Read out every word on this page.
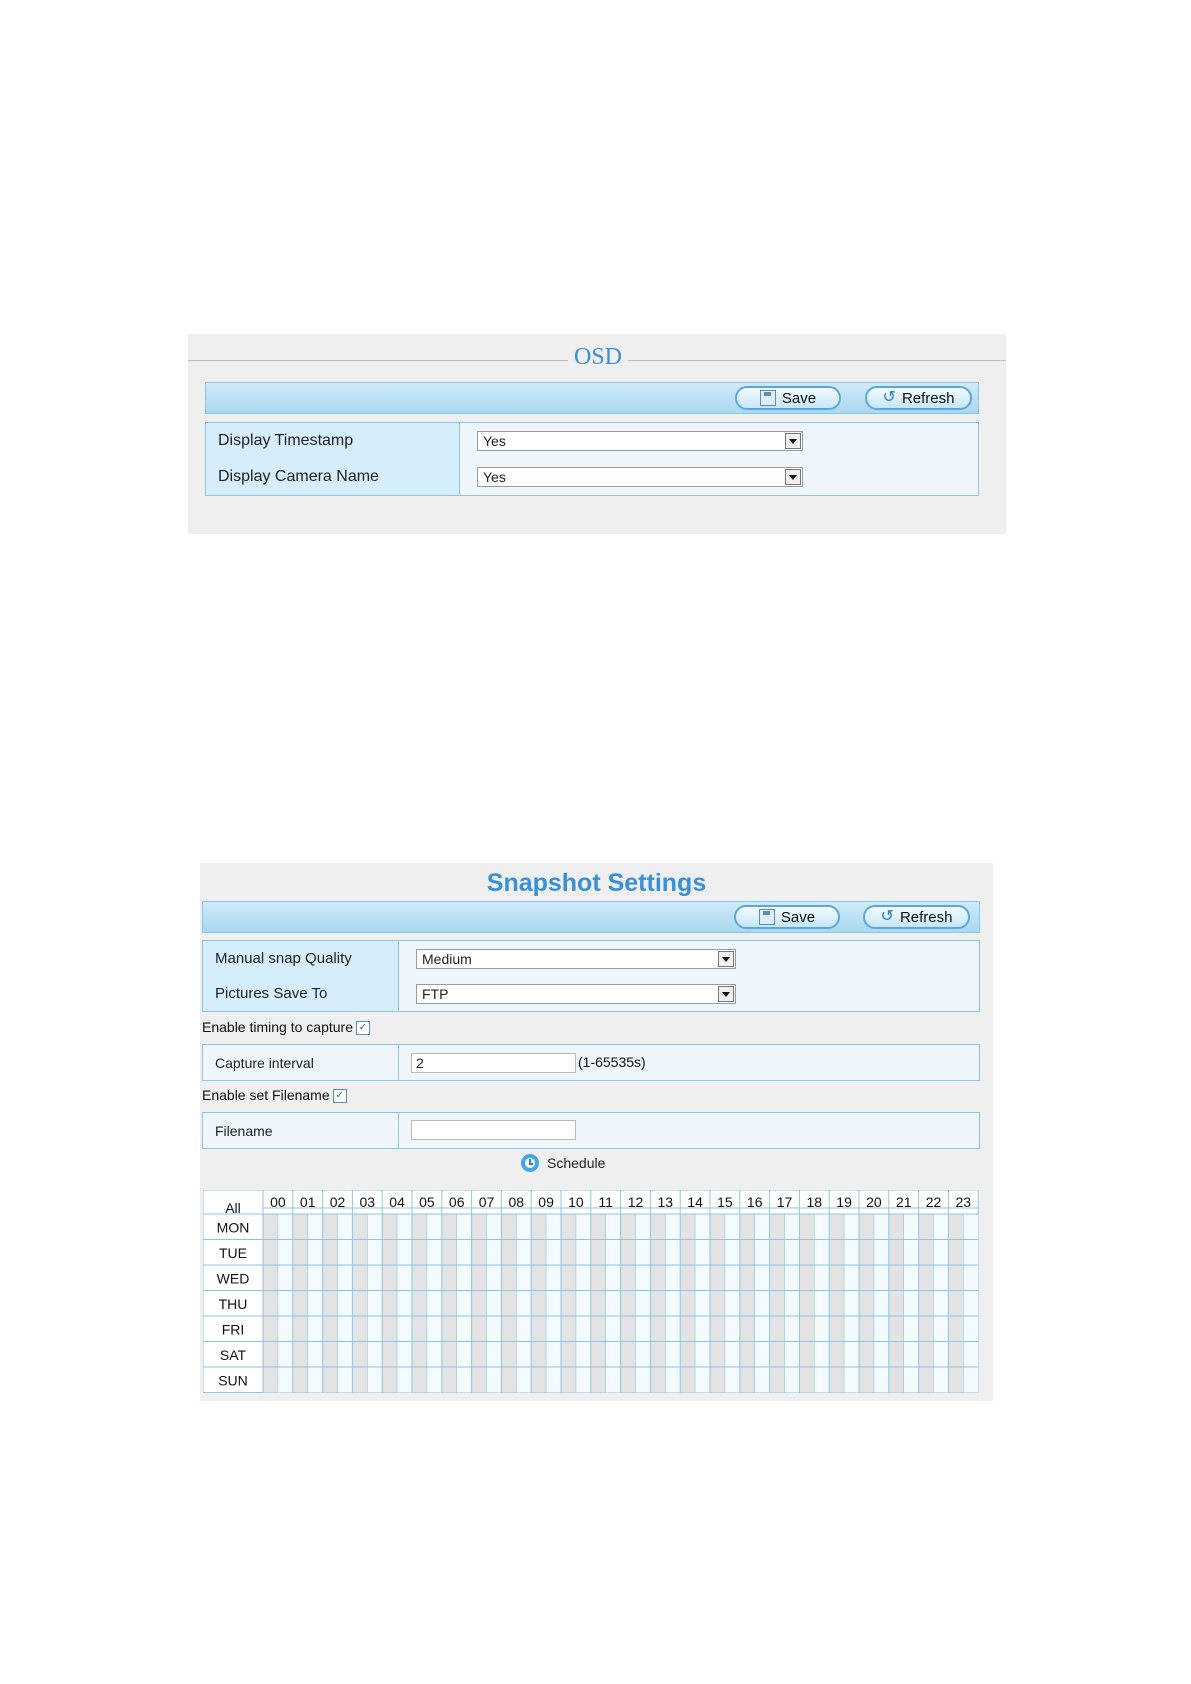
OSD
Save	↺ Refresh
Display Timestamp	Yes
Display Camera Name	Yes
Snapshot Settings
Save	↺ Refresh
Manual snap Quality	Medium
Pictures Save To	FTP
Enable timing to capture ✓
Capture interval	2	(1-65535s)
Enable set Filename ✓
Filename
Schedule
00 01 02 03 04 05 06 07 08 09 10 11 12 13 14 15 16 17 18 19 20 21 22 23
All
MON
TUE
WED
THU
FRI
SAT
SUN
